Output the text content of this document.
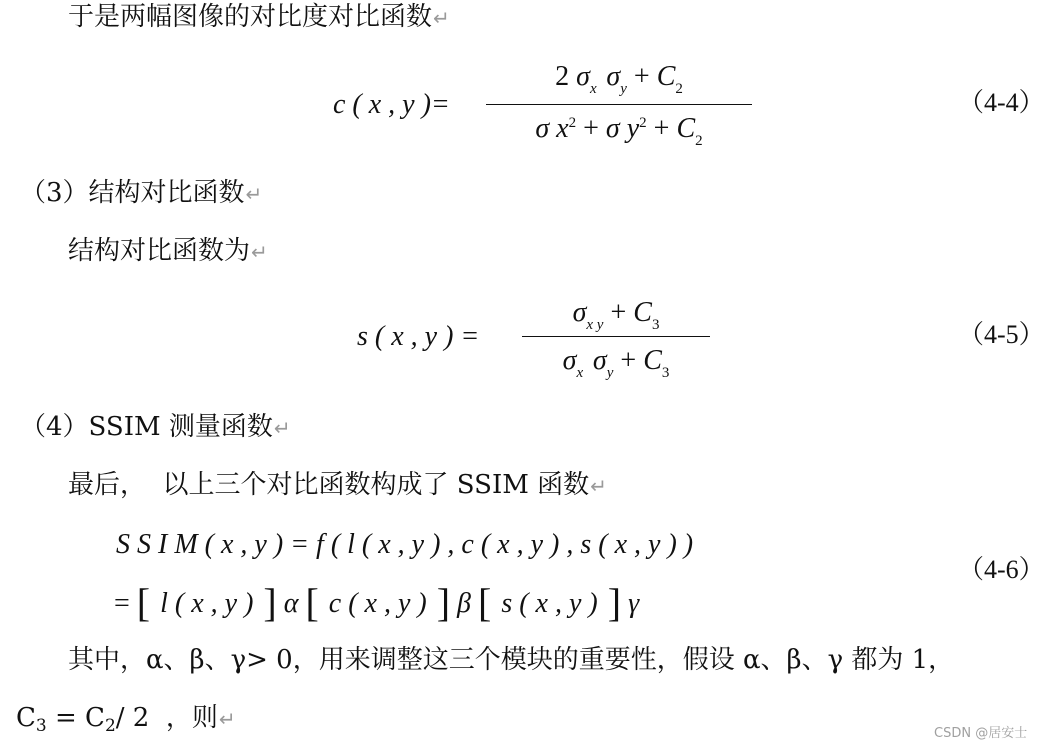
于是两幅图像的对比度对比函数↵
c ( x , y )=
2 $\sigma_x$ $\sigma_y + C_2$
σ $x^2 + \sigma$ $y^2 + C_2$
（4-4）
（3）结构对比函数↵
结构对比函数为↵
s ( x , y ) =
$\sigma_{x y} + C_3$
$\sigma_x$ $\sigma_y + C_3$
（4-5）
（4）SSIM 测量函数↵
最后，  以上三个对比函数构成了 SSIM 函数↵
S S I M ( x , y ) = f ( l ( x , y ) , c ( x , y ) , s ( x , y ) )
= [ l ( x , y ) ] α [ c ( x , y ) ] β [ s ( x , y ) ] γ
（4-6）
其中，α、β、γ> 0，用来调整这三个模块的重要性，假设 α、β、γ 都为 1，
C3 = C2/ 2  ，则↵
CSDN @居安士
